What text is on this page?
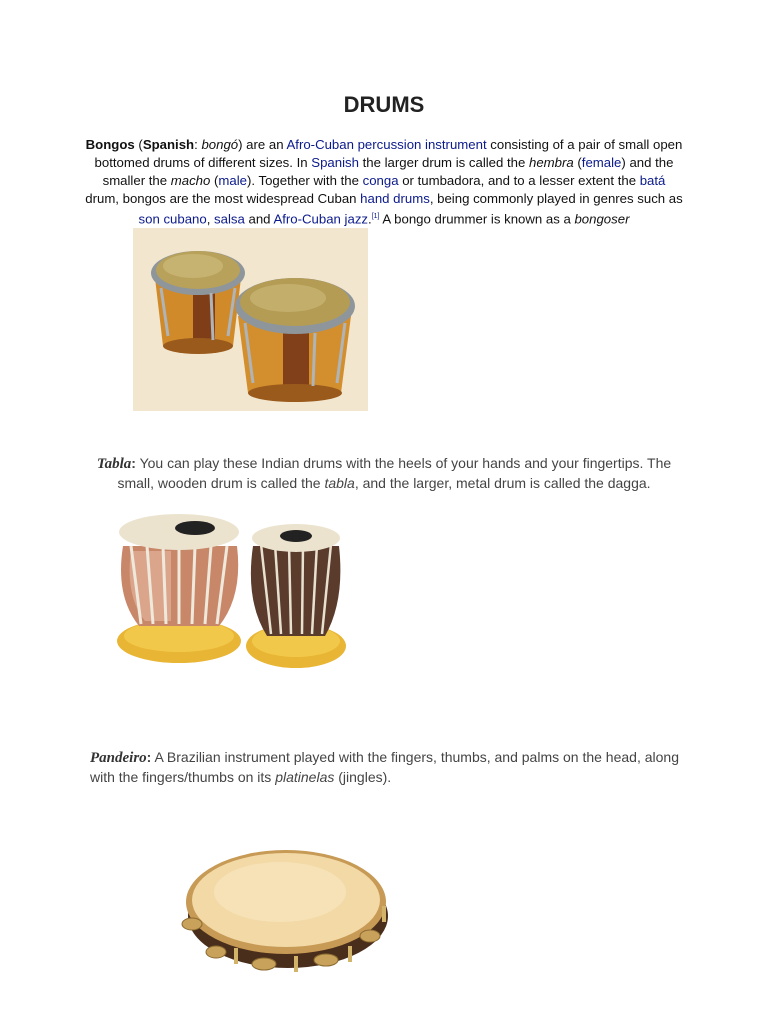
DRUMS

Bongos (Spanish: bongó) are an Afro-Cuban percussion instrument consisting of a pair of small open bottomed drums of different sizes. In Spanish the larger drum is called the hembra (female) and the smaller the macho (male). Together with the conga or tumbadora, and to a lesser extent the batá drum, bongos are the most widespread Cuban hand drums, being commonly played in genres such as son cubano, salsa and Afro-Cuban jazz.[1] A bongo drummer is known as a bongoser

Tabla: You can play these Indian drums with the heels of your hands and your fingertips. The small, wooden drum is called the tabla, and the larger, metal drum is called the dagga.

Pandeiro: A Brazilian instrument played with the fingers, thumbs, and palms on the head, along with the fingers/thumbs on its platinelas (jingles).
